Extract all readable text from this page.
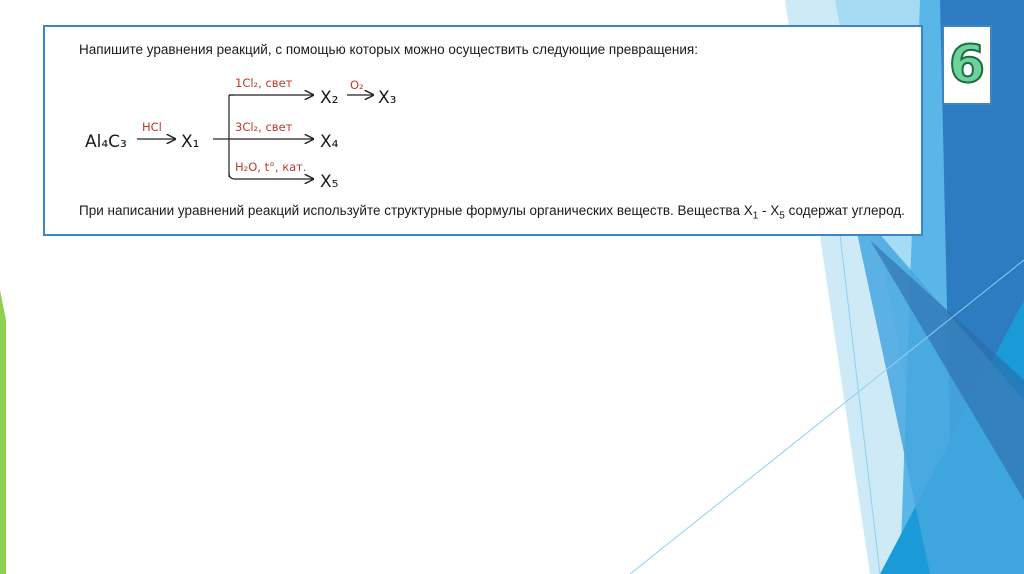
Напишите уравнения реакций, с помощью которых можно осуществить следующие превращения:
Al₄C₃
HCl
X₁
1Cl₂, свет
3Cl₂, свет
H₂O, t°, кат.
X₂
O₂
X₃
X₄
X₅
При написании уравнений реакций используйте структурные формулы органических веществ. Вещества $X_1 - X_5$ содержат углерод.
6
